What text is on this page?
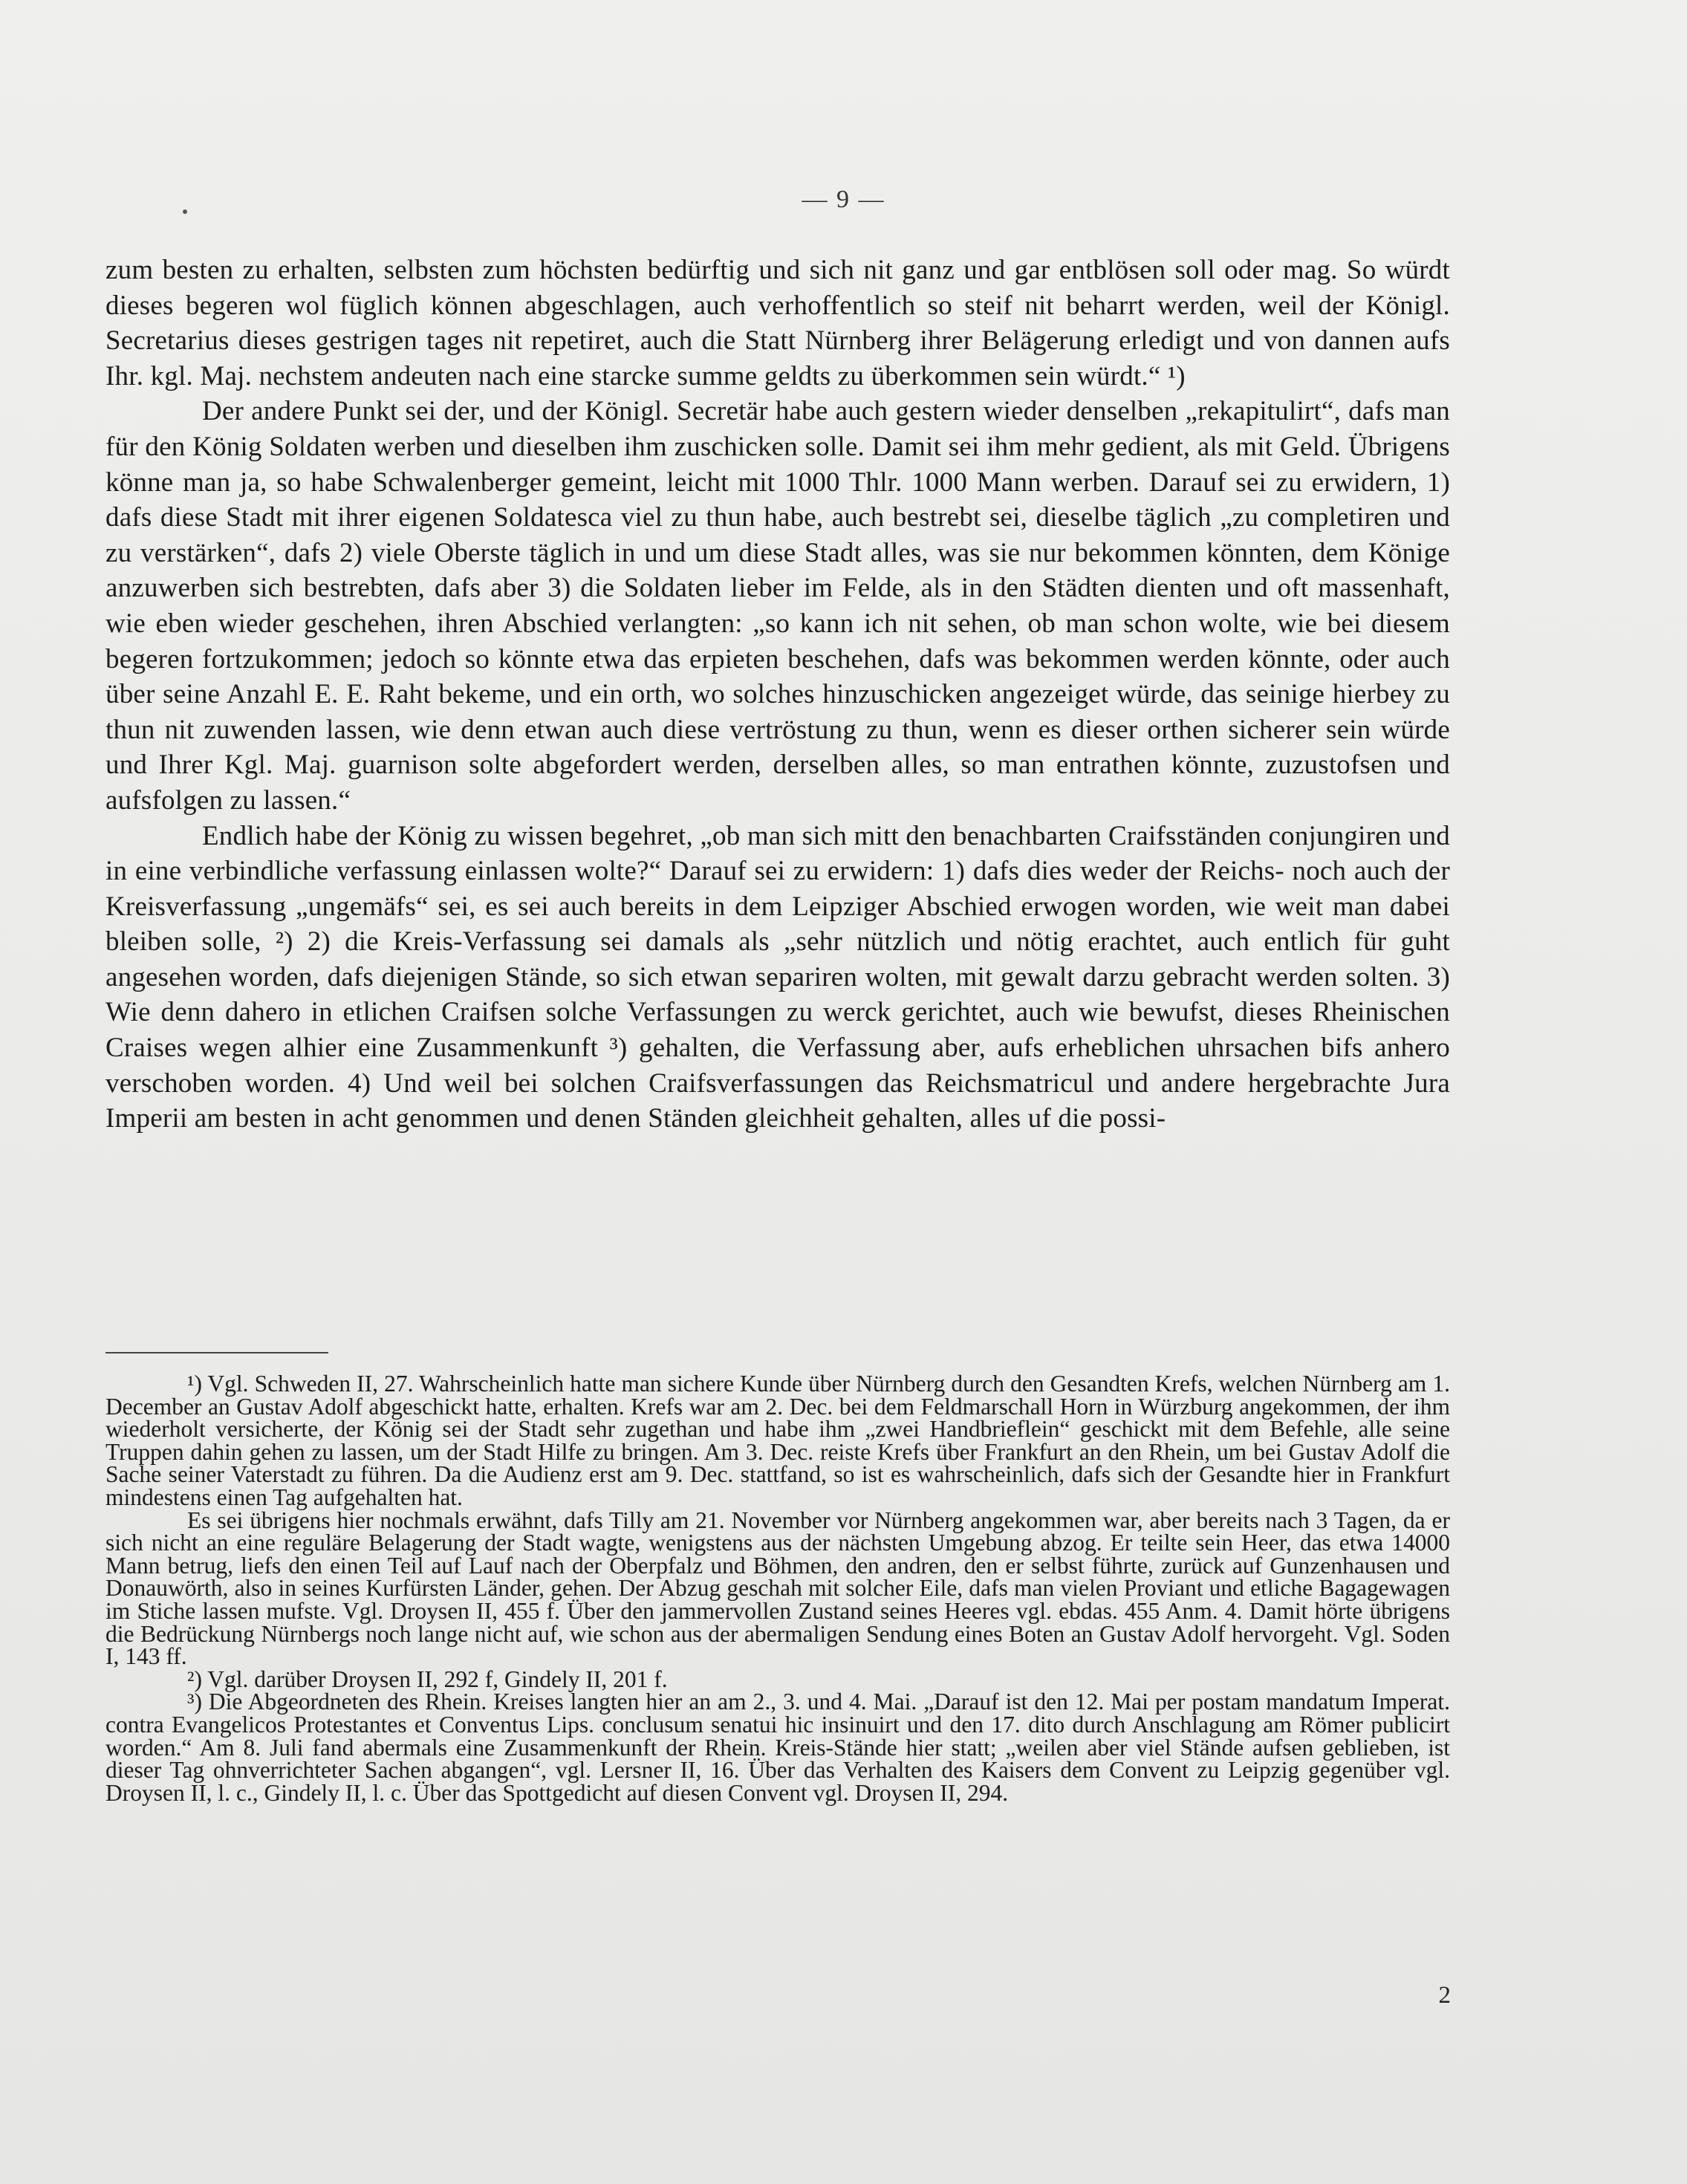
— 9 —

zum besten zu erhalten, selbsten zum höchsten bedürftig und sich nit ganz und gar entblösen soll oder mag. So würdt dieses begeren wol füglich können abgeschlagen, auch verhoffentlich so steif nit beharrt werden, weil der Königl. Secretarius dieses gestrigen tages nit repetiret, auch die Statt Nürnberg ihrer Belägerung erledigt und von dannen aufs Ihr. kgl. Maj. nechstem andeuten nach eine starcke summe geldts zu überkommen sein würdt.“ ¹)

Der andere Punkt sei der, und der Königl. Secretär habe auch gestern wieder denselben „rekapitulirt“, dafs man für den König Soldaten werben und dieselben ihm zuschicken solle. Damit sei ihm mehr gedient, als mit Geld. Übrigens könne man ja, so habe Schwalenberger gemeint, leicht mit 1000 Thlr. 1000 Mann werben. Darauf sei zu erwidern, 1) dafs diese Stadt mit ihrer eigenen Soldatesca viel zu thun habe, auch bestrebt sei, dieselbe täglich „zu completiren und zu verstärken“, dafs 2) viele Oberste täglich in und um diese Stadt alles, was sie nur bekommen könnten, dem Könige anzuwerben sich bestrebten, dafs aber 3) die Soldaten lieber im Felde, als in den Städten dienten und oft massenhaft, wie eben wieder geschehen, ihren Abschied verlangten: „so kann ich nit sehen, ob man schon wolte, wie bei diesem begeren fortzukommen; jedoch so könnte etwa das erpieten beschehen, dafs was bekommen werden könnte, oder auch über seine Anzahl E. E. Raht bekeme, und ein orth, wo solches hinzuschicken angezeiget würde, das seinige hierbey zu thun nit zuwenden lassen, wie denn etwan auch diese vertröstung zu thun, wenn es dieser orthen sicherer sein würde und Ihrer Kgl. Maj. guarnison solte abgefordert werden, derselben alles, so man entrathen könnte, zuzustofsen und aufsfolgen zu lassen.“

Endlich habe der König zu wissen begehret, „ob man sich mitt den benachbarten Craifsständen conjungiren und in eine verbindliche verfassung einlassen wolte?“ Darauf sei zu erwidern: 1) dafs dies weder der Reichs- noch auch der Kreisverfassung „ungemäfs“ sei, es sei auch bereits in dem Leipziger Abschied erwogen worden, wie weit man dabei bleiben solle, ²) 2) die Kreis-Verfassung sei damals als „sehr nützlich und nötig erachtet, auch entlich für guht angesehen worden, dafs diejenigen Stände, so sich etwan separiren wolten, mit gewalt darzu gebracht werden solten. 3) Wie denn dahero in etlichen Craifsen solche Verfassungen zu werck gerichtet, auch wie bewufst, dieses Rheinischen Craises wegen alhier eine Zusammenkunft ³) gehalten, die Verfassung aber, aufs erheblichen uhrsachen bifs anhero verschoben worden. 4) Und weil bei solchen Craifsverfassungen das Reichsmatricul und andere hergebrachte Jura Imperii am besten in acht genommen und denen Ständen gleichheit gehalten, alles uf die possi-

¹) Vgl. Schweden II, 27. Wahrscheinlich hatte man sichere Kunde über Nürnberg durch den Gesandten Krefs, welchen Nürnberg am 1. December an Gustav Adolf abgeschickt hatte, erhalten. Krefs war am 2. Dec. bei dem Feldmarschall Horn in Würzburg angekommen, der ihm wiederholt versicherte, der König sei der Stadt sehr zugethan und habe ihm „zwei Handbrieflein“ geschickt mit dem Befehle, alle seine Truppen dahin gehen zu lassen, um der Stadt Hilfe zu bringen. Am 3. Dec. reiste Krefs über Frankfurt an den Rhein, um bei Gustav Adolf die Sache seiner Vaterstadt zu führen. Da die Audienz erst am 9. Dec. stattfand, so ist es wahrscheinlich, dafs sich der Gesandte hier in Frankfurt mindestens einen Tag aufgehalten hat.

Es sei übrigens hier nochmals erwähnt, dafs Tilly am 21. November vor Nürnberg angekommen war, aber bereits nach 3 Tagen, da er sich nicht an eine reguläre Belagerung der Stadt wagte, wenigstens aus der nächsten Umgebung abzog. Er teilte sein Heer, das etwa 14000 Mann betrug, liefs den einen Teil auf Lauf nach der Oberpfalz und Böhmen, den andren, den er selbst führte, zurück auf Gunzenhausen und Donauwörth, also in seines Kurfürsten Länder, gehen. Der Abzug geschah mit solcher Eile, dafs man vielen Proviant und etliche Bagagewagen im Stiche lassen mufste. Vgl. Droysen II, 455 f. Über den jammervollen Zustand seines Heeres vgl. ebdas. 455 Anm. 4. Damit hörte übrigens die Bedrückung Nürnbergs noch lange nicht auf, wie schon aus der abermaligen Sendung eines Boten an Gustav Adolf hervorgeht. Vgl. Soden I, 143 ff.

²) Vgl. darüber Droysen II, 292 f, Gindely II, 201 f.

³) Die Abgeordneten des Rhein. Kreises langten hier an am 2., 3. und 4. Mai. „Darauf ist den 12. Mai per postam mandatum Imperat. contra Evangelicos Protestantes et Conventus Lips. conclusum senatui hic insinuirt und den 17. dito durch Anschlagung am Römer publicirt worden.“ Am 8. Juli fand abermals eine Zusammenkunft der Rhein. Kreis-Stände hier statt; „weilen aber viel Stände aufsen geblieben, ist dieser Tag ohnverrichteter Sachen abgangen“, vgl. Lersner II, 16. Über das Verhalten des Kaisers dem Convent zu Leipzig gegenüber vgl. Droysen II, l. c., Gindely II, l. c. Über das Spottgedicht auf diesen Convent vgl. Droysen II, 294.

2
